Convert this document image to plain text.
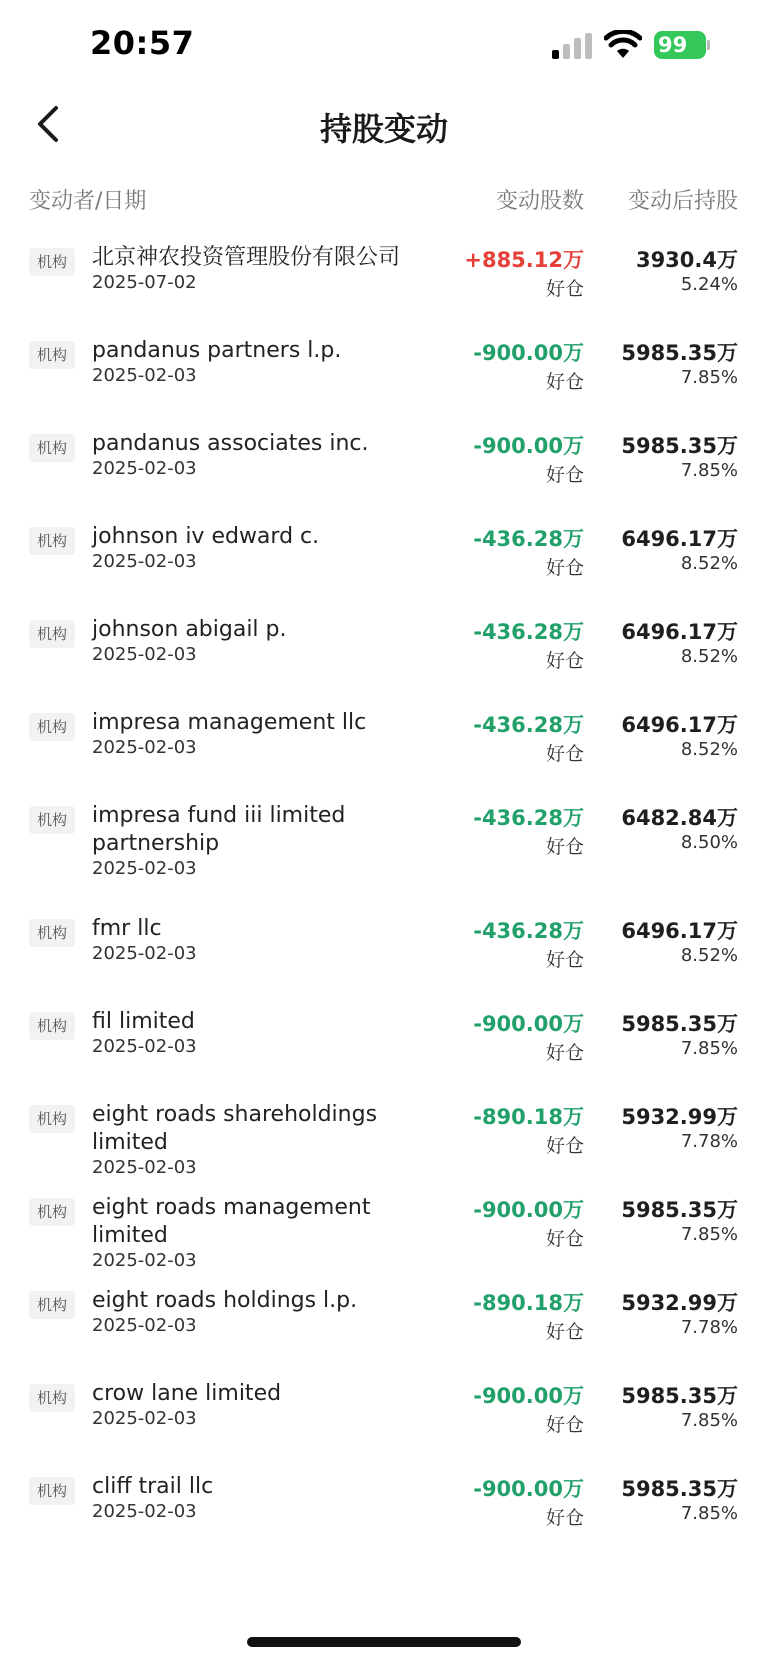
20:57	99
持股变动
变动者/日期	变动股数 变动后持股
机构	北京神农投资管理股份有限公司
2025-07-02
+885.12万
好仓
3930.4万
5.24%
机构	pandanus partners l.p.
2025-02-03
-900.00万
好仓
5985.35万
7.85%
机构	pandanus associates inc.
2025-02-03
-900.00万
好仓
5985.35万
7.85%
机构	johnson iv edward c.
2025-02-03
-436.28万
好仓
6496.17万
8.52%
机构	johnson abigail p.
2025-02-03
-436.28万
好仓
6496.17万
8.52%
机构	impresa management llc
2025-02-03
-436.28万
好仓
6496.17万
8.52%
机构	impresa fund iii limited partnership
2025-02-03
-436.28万
好仓
6482.84万
8.50%
机构	fmr llc
2025-02-03
-436.28万
好仓
6496.17万
8.52%
机构	fil limited
2025-02-03
-900.00万
好仓
5985.35万
7.85%
机构	eight roads shareholdings limited
2025-02-03
-890.18万
好仓
5932.99万
7.78%
机构	eight roads management limited
2025-02-03
-900.00万
好仓
5985.35万
7.85%
机构	eight roads holdings l.p.
2025-02-03
-890.18万
好仓
5932.99万
7.78%
机构	crow lane limited
2025-02-03
-900.00万
好仓
5985.35万
7.85%
机构	cliff trail llc
2025-02-03
-900.00万
好仓
5985.35万
7.85%
